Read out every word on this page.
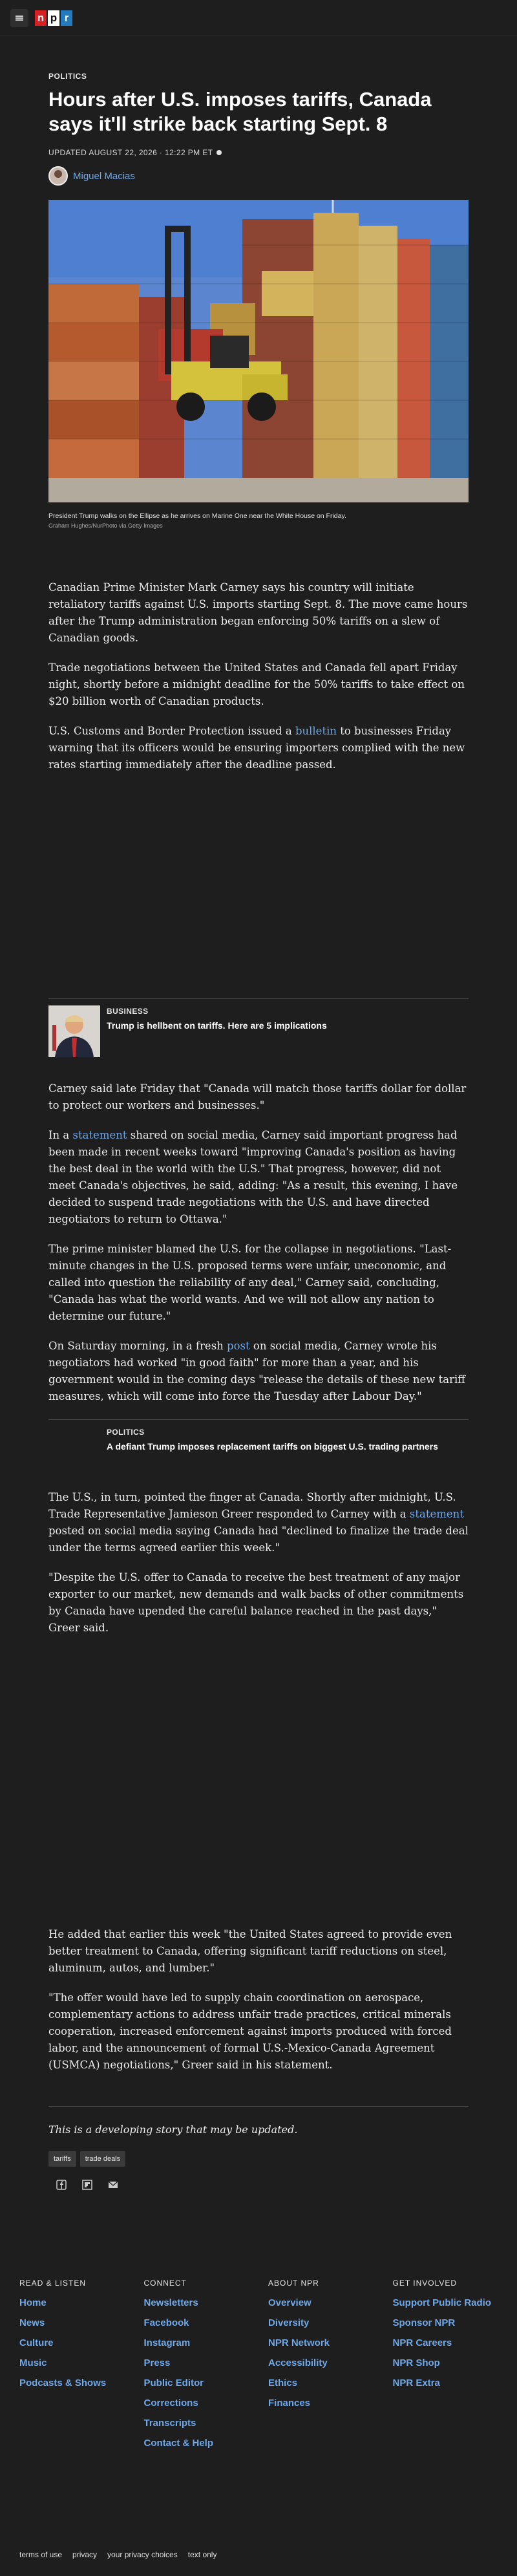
n p r
POLITICS
Hours after U.S. imposes tariffs, Canada says it'll strike back starting Sept. 8
UPDATED AUGUST 22, 2026 · 12:22 PM ET
Miguel Macias
President Trump walks on the Ellipse as he arrives on Marine One near the White House on Friday.
Graham Hughes/NurPhoto via Getty Images

Canadian Prime Minister Mark Carney says his country will initiate retaliatory tariffs against U.S. imports starting Sept. 8. The move came hours after the Trump administration began enforcing 50% tariffs on a slew of Canadian goods.

Trade negotiations between the United States and Canada fell apart Friday night, shortly before a midnight deadline for the 50% tariffs to take effect on $20 billion worth of Canadian products.

U.S. Customs and Border Protection issued a bulletin to businesses Friday warning that its officers would be ensuring importers complied with the new rates starting immediately after the deadline passed.

BUSINESS
Trump is hellbent on tariffs. Here are 5 implications

Carney said late Friday that "Canada will match those tariffs dollar for dollar to protect our workers and businesses."

In a statement shared on social media, Carney said important progress had been made in recent weeks toward "improving Canada's position as having the best deal in the world with the U.S." That progress, however, did not meet Canada's objectives, he said, adding: "As a result, this evening, I have decided to suspend trade negotiations with the U.S. and have directed negotiators to return to Ottawa."

The prime minister blamed the U.S. for the collapse in negotiations. "Last-minute changes in the U.S. proposed terms were unfair, uneconomic, and called into question the reliability of any deal," Carney said, concluding, "Canada has what the world wants. And we will not allow any nation to determine our future."

On Saturday morning, in a fresh post on social media, Carney wrote his negotiators had worked "in good faith" for more than a year, and his government would in the coming days "release the details of these new tariff measures, which will come into force the Tuesday after Labour Day."

POLITICS
A defiant Trump imposes replacement tariffs on biggest U.S. trading partners

The U.S., in turn, pointed the finger at Canada. Shortly after midnight, U.S. Trade Representative Jamieson Greer responded to Carney with a statement posted on social media saying Canada had "declined to finalize the trade deal under the terms agreed earlier this week."

"Despite the U.S. offer to Canada to receive the best treatment of any major exporter to our market, new demands and walk backs of other commitments by Canada have upended the careful balance reached in the past days," Greer said.

He added that earlier this week "the United States agreed to provide even better treatment to Canada, offering significant tariff reductions on steel, aluminum, autos, and lumber."

"The offer would have led to supply chain coordination on aerospace, complementary actions to address unfair trade practices, critical minerals cooperation, increased enforcement against imports produced with forced labor, and the announcement of formal U.S.-Mexico-Canada Agreement (USMCA) negotiations," Greer said in his statement.

This is a developing story that may be updated.
tariffs	trade deals
READ & LISTEN
Home
News
Culture
Music
Podcasts & Shows
CONNECT
Newsletters
Facebook
Instagram
Press
Public Editor
Corrections
Transcripts
Contact & Help
ABOUT NPR
Overview
Diversity
NPR Network
Accessibility
Ethics
Finances
GET INVOLVED
Support Public Radio
Sponsor NPR
NPR Careers
NPR Shop
NPR Extra
terms of use privacy your privacy choices text only
